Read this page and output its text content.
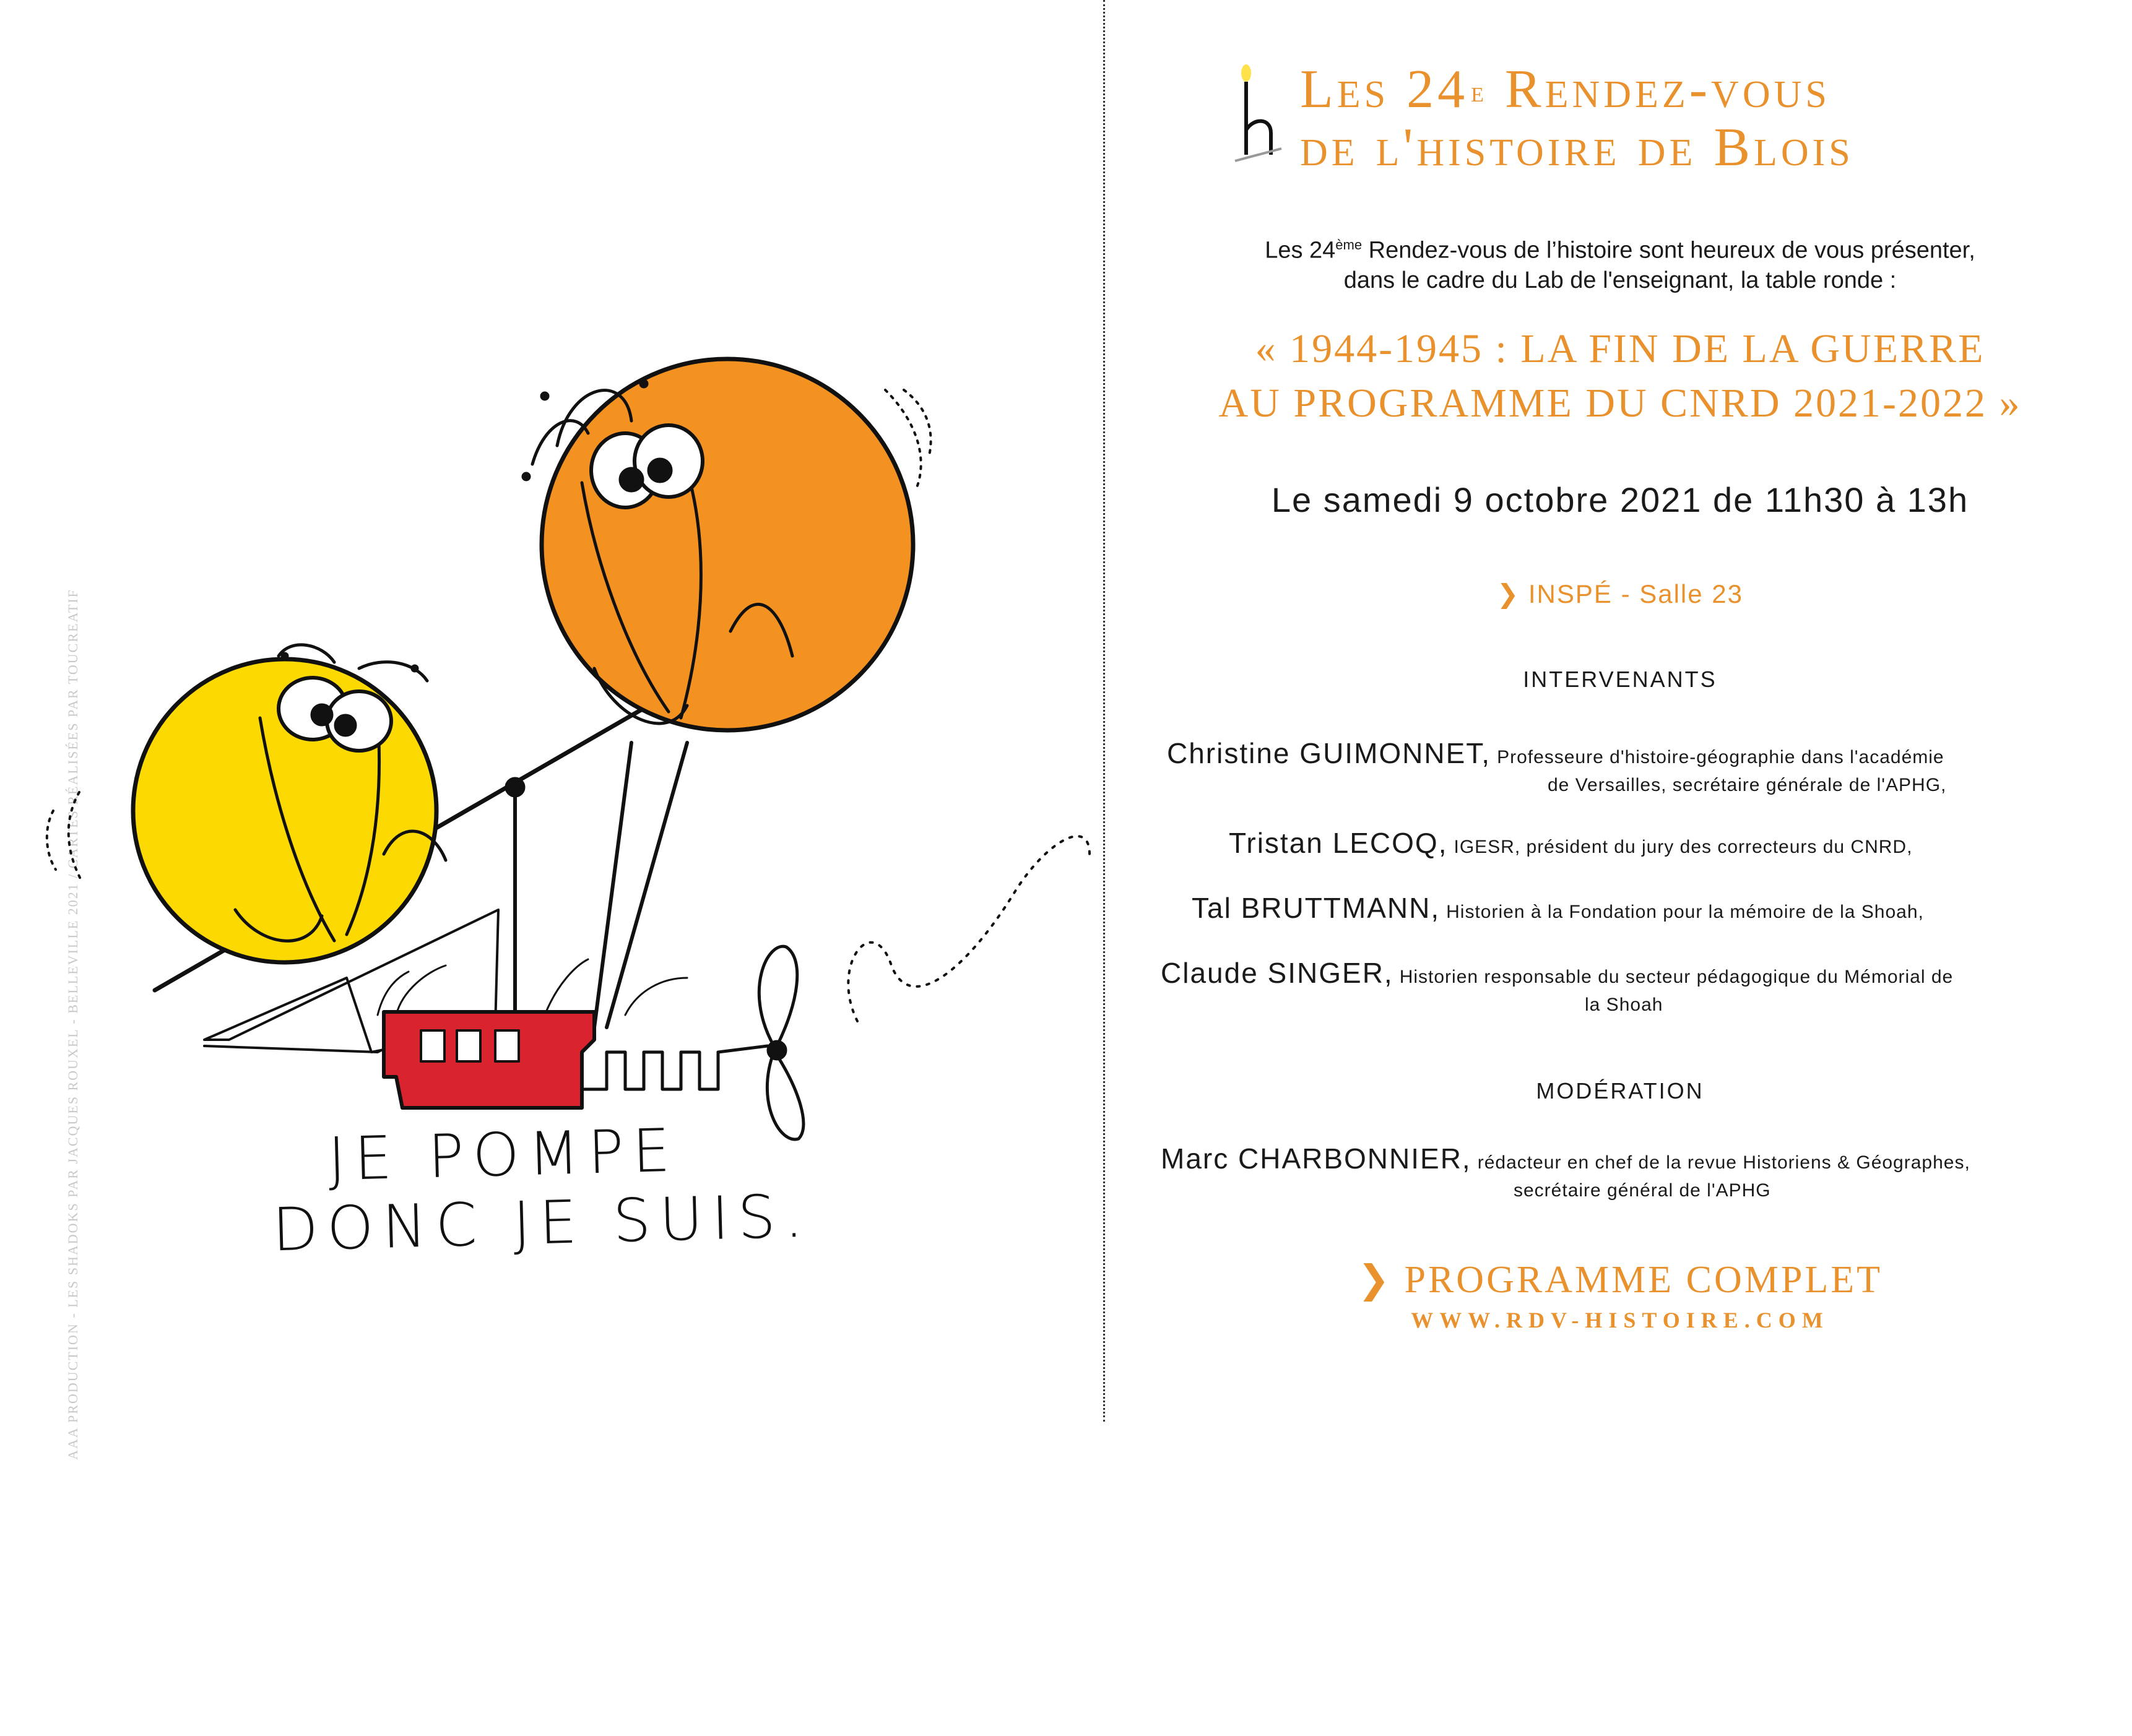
AAA PRODUCTION - LES SHADOKS PAR JACQUES ROUXEL - BELLEVILLE 2021 / CARTES RÉALISÉES PAR TOUCREATIF	JE POMPE
DONC JE SUIS.
Les 24e Rendez-vous
de l'histoire de Blois
Les 24ème Rendez-vous de l’histoire sont heureux de vous présenter,
dans le cadre du Lab de l'enseignant, la table ronde :
« 1944-1945 : LA FIN DE LA GUERRE
AU PROGRAMME DU CNRD 2021-2022 »
Le samedi 9 octobre 2021 de 11h30 à 13h
❯ INSPÉ - Salle 23
INTERVENANTS
Christine GUIMONNET, Professeure d'histoire-géographie dans l'académie
de Versailles, secrétaire générale de l'APHG,
Tristan LECOQ, IGESR, président du jury des correcteurs du CNRD,
Tal BRUTTMANN, Historien à la Fondation pour la mémoire de la Shoah,
Claude SINGER, Historien responsable du secteur pédagogique du Mémorial de
la Shoah
MODÉRATION
Marc CHARBONNIER, rédacteur en chef de la revue Historiens & Géographes,
secrétaire général de l'APHG
❯ PROGRAMME COMPLET
WWW.RDV-HISTOIRE.COM
